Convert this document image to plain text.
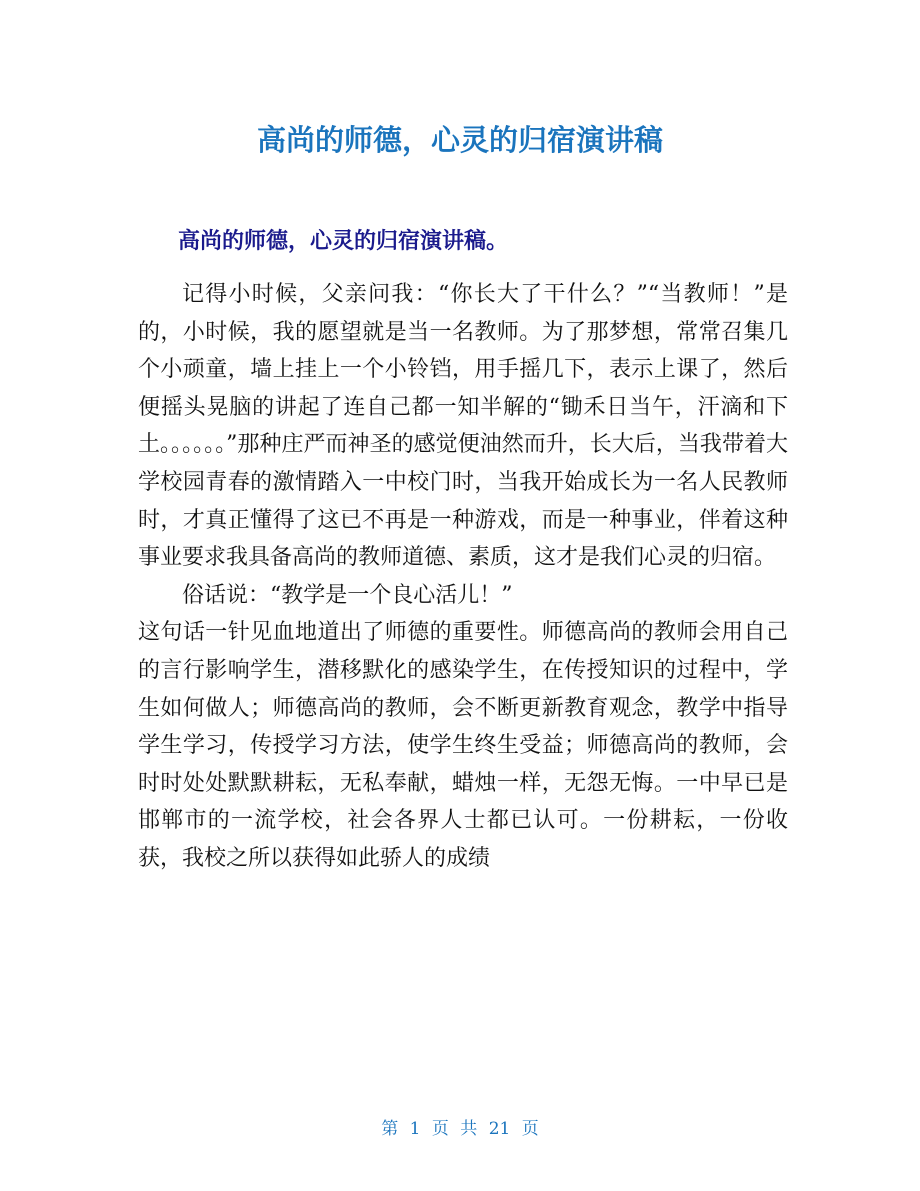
高尚的师德，心灵的归宿演讲稿
高尚的师德，心灵的归宿演讲稿。

记得小时候，父亲问我：“你长大了干什么？”“当教师！”是的，小时候，我的愿望就是当一名教师。为了那梦想，常常召集几个小顽童，墙上挂上一个小铃铛，用手摇几下，表示上课了，然后便摇头晃脑的讲起了连自己都一知半解的“锄禾日当午，汗滴和下土。。。。。。”那种庄严而神圣的感觉便油然而升，长大后，当我带着大学校园青春的激情踏入一中校门时，当我开始成长为一名人民教师时，才真正懂得了这已不再是一种游戏，而是一种事业，伴着这种事业要求我具备高尚的教师道德、素质，这才是我们心灵的归宿。

俗话说：“教学是一个良心活儿！”

这句话一针见血地道出了师德的重要性。师德高尚的教师会用自己的言行影响学生，潜移默化的感染学生，在传授知识的过程中，学生如何做人；师德高尚的教师，会不断更新教育观念，教学中指导学生学习，传授学习方法，使学生终生受益；师德高尚的教师，会时时处处默默耕耘，无私奉献，蜡烛一样，无怨无悔。一中早已是邯郸市的一流学校，社会各界人士都已认可。一份耕耘，一份收获，我校之所以获得如此骄人的成绩

第 1 页 共 21 页
